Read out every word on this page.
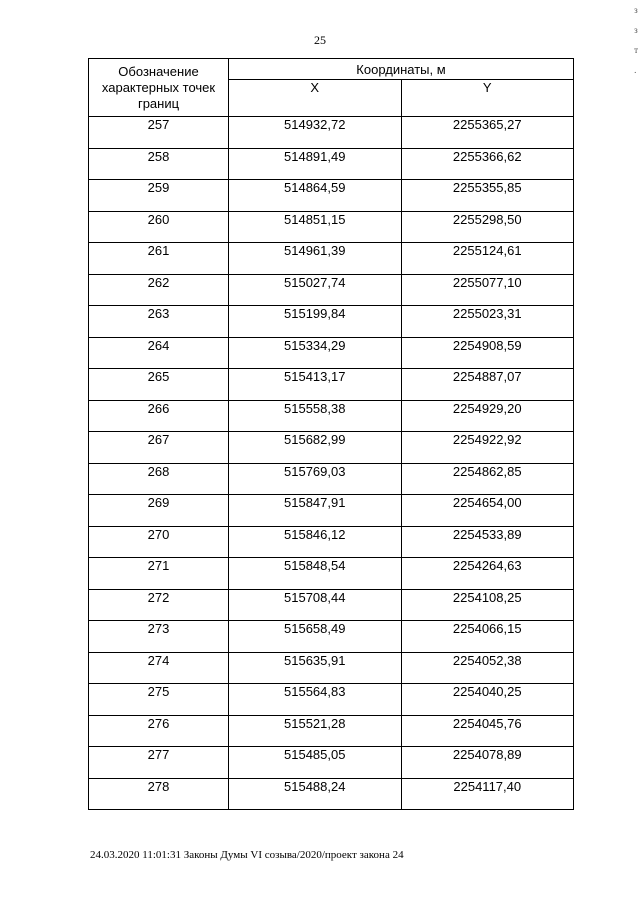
25
з
з
т
.
Обозначение характерных точек границ	Координаты, м	
	X	Y
257	514932,72	2255365,27
258	514891,49	2255366,62
259	514864,59	2255355,85
260	514851,15	2255298,50
261	514961,39	2255124,61
262	515027,74	2255077,10
263	515199,84	2255023,31
264	515334,29	2254908,59
265	515413,17	2254887,07
266	515558,38	2254929,20
267	515682,99	2254922,92
268	515769,03	2254862,85
269	515847,91	2254654,00
270	515846,12	2254533,89
271	515848,54	2254264,63
272	515708,44	2254108,25
273	515658,49	2254066,15
274	515635,91	2254052,38
275	515564,83	2254040,25
276	515521,28	2254045,76
277	515485,05	2254078,89
278	515488,24	2254117,40
24.03.2020 11:01:31 Законы Думы VI созыва/2020/проект закона 24
